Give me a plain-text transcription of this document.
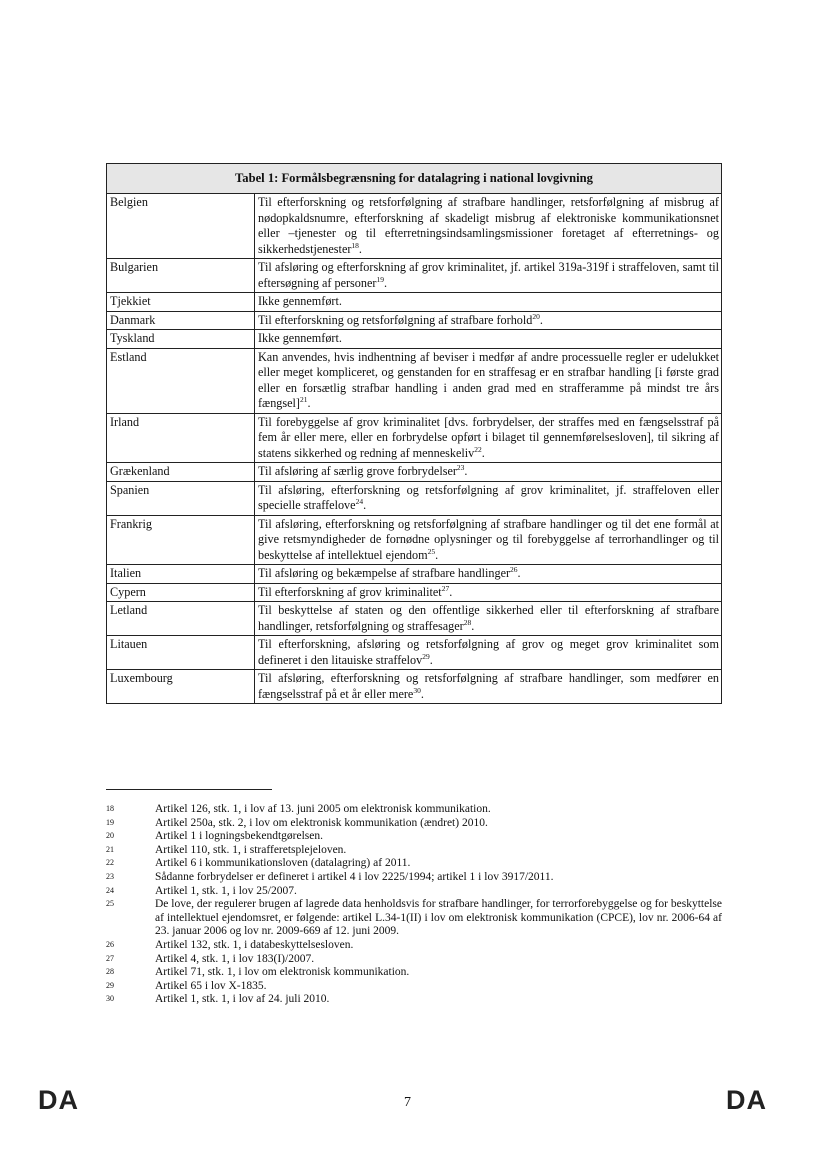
Tabel 1: Formålsbegrænsning for datalagring i national lovgivning	
Belgien	Til efterforskning og retsforfølgning af strafbare handlinger, retsforfølgning af misbrug af nødopkaldsnumre, efterforskning af skadeligt misbrug af elektroniske kommunikationsnet eller –tjenester og til efterretningsindsamlingsmissioner foretaget af efterretnings- og sikkerhedstjenester$^{18}$.
Bulgarien	Til afsløring og efterforskning af grov kriminalitet, jf. artikel 319a-319f i straffeloven, samt til eftersøgning af personer$^{19}$.
Tjekkiet	Ikke gennemført.
Danmark	Til efterforskning og retsforfølgning af strafbare forhold$^{20}$.
Tyskland	Ikke gennemført.
Estland	Kan anvendes, hvis indhentning af beviser i medfør af andre processuelle regler er udelukket eller meget kompliceret, og genstanden for en straffesag er en strafbar handling [i første grad eller en forsætlig strafbar handling i anden grad med en strafferamme på mindst tre års fængsel]$^{21}$.
Irland	Til forebyggelse af grov kriminalitet [dvs. forbrydelser, der straffes med en fængselsstraf på fem år eller mere, eller en forbrydelse opført i bilaget til gennemførelsesloven], til sikring af statens sikkerhed og redning af menneskeliv$^{22}$.
Grækenland	Til afsløring af særlig grove forbrydelser$^{23}$.
Spanien	Til afsløring, efterforskning og retsforfølgning af grov kriminalitet, jf. straffeloven eller specielle straffelove$^{24}$.
Frankrig	Til afsløring, efterforskning og retsforfølgning af strafbare handlinger og til det ene formål at give retsmyndigheder de fornødne oplysninger og til forebyggelse af terrorhandlinger og til beskyttelse af intellektuel ejendom$^{25}$.
Italien	Til afsløring og bekæmpelse af strafbare handlinger$^{26}$.
Cypern	Til efterforskning af grov kriminalitet$^{27}$.
Letland	Til beskyttelse af staten og den offentlige sikkerhed eller til efterforskning af strafbare handlinger, retsforfølgning og straffesager$^{28}$.
Litauen	Til efterforskning, afsløring og retsforfølgning af grov og meget grov kriminalitet som defineret i den litauiske straffelov$^{29}$.
Luxembourg	Til afsløring, efterforskning og retsforfølgning af strafbare handlinger, som medfører en fængselsstraf på et år eller mere$^{30}$.
18	Artikel 126, stk. 1, i lov af 13. juni 2005 om elektronisk kommunikation.
19	Artikel 250a, stk. 2, i lov om elektronisk kommunikation (ændret) 2010.
20	Artikel 1 i logningsbekendtgørelsen.
21	Artikel 110, stk. 1, i strafferetsplejeloven.
22	Artikel 6 i kommunikationsloven (datalagring) af 2011.
23	Sådanne forbrydelser er defineret i artikel 4 i lov 2225/1994; artikel 1 i lov 3917/2011.
24	Artikel 1, stk. 1, i lov 25/2007.
25	De love, der regulerer brugen af lagrede data henholdsvis for strafbare handlinger, for terrorforebyggelse og for beskyttelse af intellektuel ejendomsret, er følgende: artikel L.34-1(II) i lov om elektronisk kommunikation (CPCE), lov nr. 2006-64 af 23. januar 2006 og lov nr. 2009-669 af 12. juni 2009.
26	Artikel 132, stk. 1, i databeskyttelsesloven.
27	Artikel 4, stk. 1, i lov 183(I)/2007.
28	Artikel 71, stk. 1, i lov om elektronisk kommunikation.
29	Artikel 65 i lov X-1835.
30	Artikel 1, stk. 1, i lov af 24. juli 2010.
DA	7	DA
